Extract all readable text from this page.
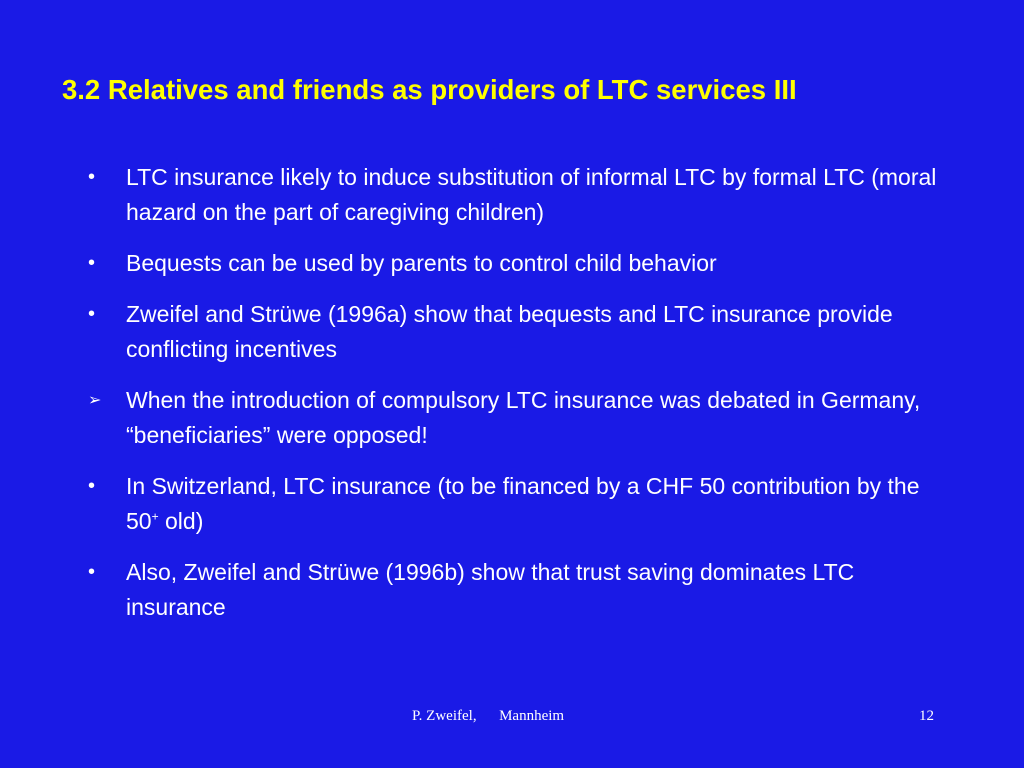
3.2 Relatives and friends as providers of LTC services III
•	LTC insurance likely to induce substitution of informal LTC by formal LTC (moral hazard on the part of caregiving children)
•	Bequests can be used by parents to control child behavior
•	Zweifel and Strüwe (1996a) show that bequests and LTC insurance provide conflicting incentives
➢	When the introduction of compulsory LTC insurance was debated in Germany, “beneficiaries” were opposed!
•	In Switzerland, LTC insurance (to be financed by a CHF 50 contribution by the 50+ old)
•	Also, Zweifel and Strüwe (1996b) show that trust saving dominates LTC insurance
P. Zweifel,      Mannheim	12
